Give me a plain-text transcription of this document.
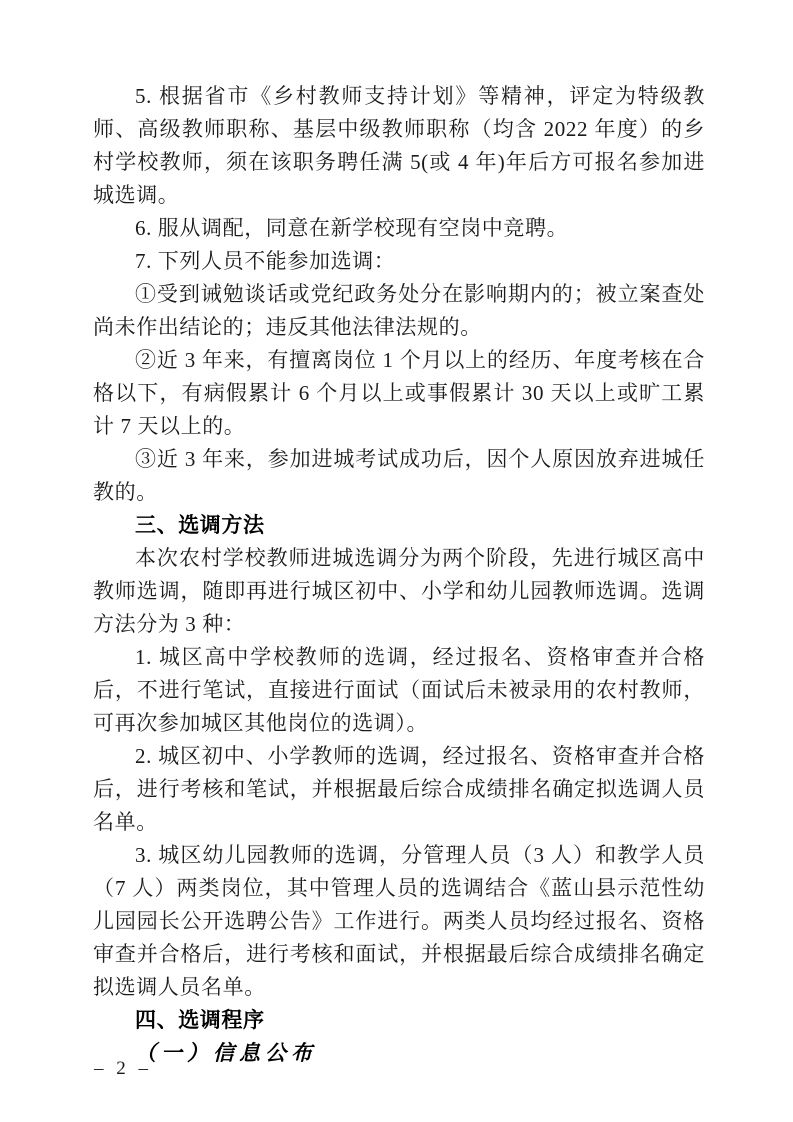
5. 根据省市《乡村教师支持计划》等精神，评定为特级教师、高级教师职称、基层中级教师职称（均含 2022 年度）的乡村学校教师，须在该职务聘任满 5(或 4 年)年后方可报名参加进城选调。

6. 服从调配，同意在新学校现有空岗中竞聘。

7. 下列人员不能参加选调：

①受到诫勉谈话或党纪政务处分在影响期内的；被立案查处尚未作出结论的；违反其他法律法规的。

②近 3 年来，有擅离岗位 1 个月以上的经历、年度考核在合格以下，有病假累计 6 个月以上或事假累计 30 天以上或旷工累计 7 天以上的。

③近 3 年来，参加进城考试成功后，因个人原因放弃进城任教的。

三、选调方法

本次农村学校教师进城选调分为两个阶段，先进行城区高中教师选调，随即再进行城区初中、小学和幼儿园教师选调。选调方法分为 3 种：

1. 城区高中学校教师的选调，经过报名、资格审查并合格后，不进行笔试，直接进行面试（面试后未被录用的农村教师，可再次参加城区其他岗位的选调）。

2. 城区初中、小学教师的选调，经过报名、资格审查并合格后，进行考核和笔试，并根据最后综合成绩排名确定拟选调人员名单。

3. 城区幼儿园教师的选调，分管理人员（3 人）和教学人员（7 人）两类岗位，其中管理人员的选调结合《蓝山县示范性幼儿园园长公开选聘公告》工作进行。两类人员均经过报名、资格审查并合格后，进行考核和面试，并根据最后综合成绩排名确定拟选调人员名单。

四、选调程序
（一）信息公布
– 2 –
